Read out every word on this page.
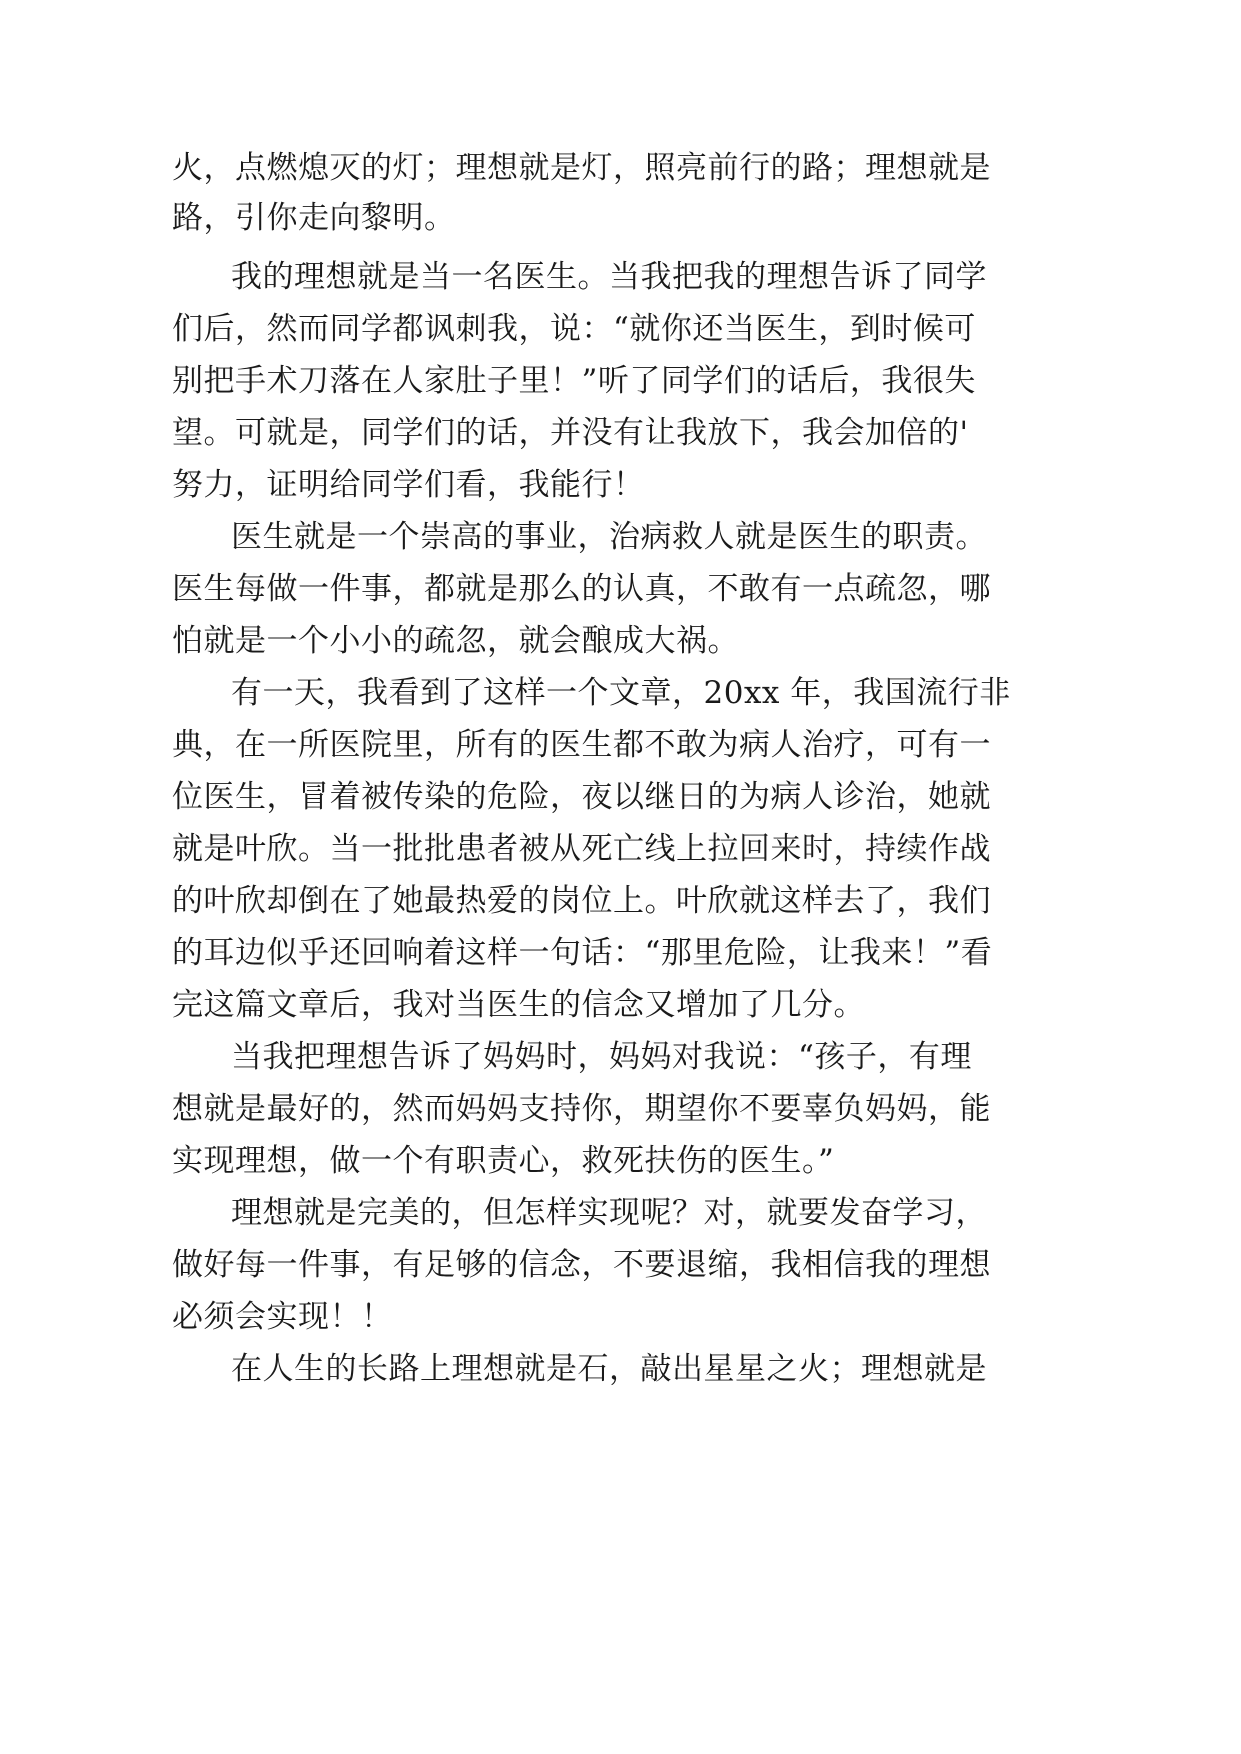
火，点燃熄灭的灯；理想就是灯，照亮前行的路；理想就是

路，引你走向黎明。

我的理想就是当一名医生。当我把我的理想告诉了同学

们后，然而同学都讽刺我，说：“就你还当医生，到时候可

别把手术刀落在人家肚子里！”听了同学们的话后，我很失

望。可就是，同学们的话，并没有让我放下，我会加倍的'

努力，证明给同学们看，我能行！

医生就是一个崇高的事业，治病救人就是医生的职责。

医生每做一件事，都就是那么的认真，不敢有一点疏忽，哪

怕就是一个小小的疏忽，就会酿成大祸。

有一天，我看到了这样一个文章，20xx 年，我国流行非

典，在一所医院里，所有的医生都不敢为病人治疗，可有一

位医生，冒着被传染的危险，夜以继日的为病人诊治，她就

就是叶欣。当一批批患者被从死亡线上拉回来时，持续作战

的叶欣却倒在了她最热爱的岗位上。叶欣就这样去了，我们

的耳边似乎还回响着这样一句话：“那里危险，让我来！”看

完这篇文章后，我对当医生的信念又增加了几分。

当我把理想告诉了妈妈时，妈妈对我说：“孩子，有理

想就是最好的，然而妈妈支持你，期望你不要辜负妈妈，能

实现理想，做一个有职责心，救死扶伤的医生。”

理想就是完美的，但怎样实现呢？对，就要发奋学习，

做好每一件事，有足够的信念，不要退缩，我相信我的理想

必须会实现！！

在人生的长路上理想就是石，敲出星星之火；理想就是
